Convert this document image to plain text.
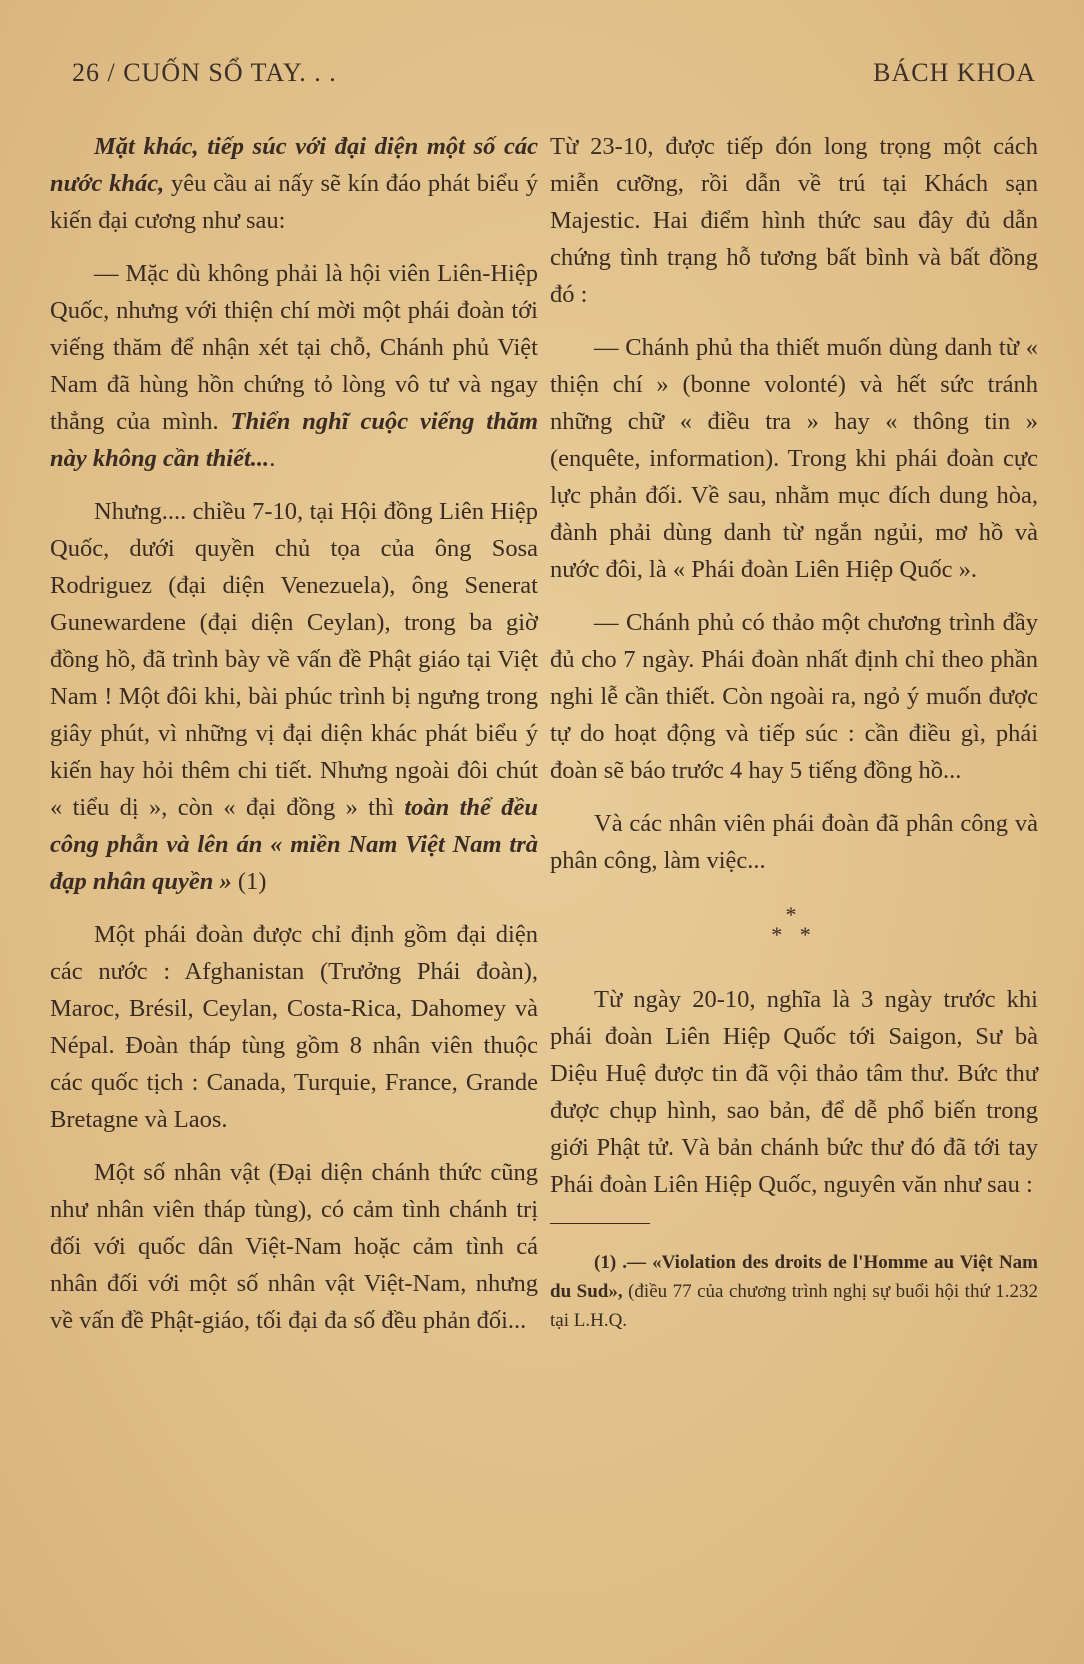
26 / CUỐN SỔ TAY. . .	BÁCH KHOA

Mặt khác, tiếp súc với đại diện một số các nước khác, yêu cầu ai nấy sẽ kín đáo phát biểu ý kiến đại cương như sau:

— Mặc dù không phải là hội viên Liên-Hiệp Quốc, nhưng với thiện chí mời một phái đoàn tới viếng thăm để nhận xét tại chỗ, Chánh phủ Việt Nam đã hùng hồn chứng tỏ lòng vô tư và ngay thẳng của mình. Thiển nghĩ cuộc viếng thăm này không cần thiết....

Nhưng.... chiều 7-10, tại Hội đồng Liên Hiệp Quốc, dưới quyền chủ tọa của ông Sosa Rodriguez (đại diện Venezuela), ông Senerat Gunewardene (đại diện Ceylan), trong ba giờ đồng hồ, đã trình bày về vấn đề Phật giáo tại Việt Nam ! Một đôi khi, bài phúc trình bị ngưng trong giây phút, vì những vị đại diện khác phát biểu ý kiến hay hỏi thêm chi tiết. Nhưng ngoài đôi chút « tiểu dị », còn « đại đồng » thì toàn thể đều công phẫn và lên án « miền Nam Việt Nam trà đạp nhân quyền » (1)

Một phái đoàn được chỉ định gồm đại diện các nước : Afghanistan (Trưởng Phái đoàn), Maroc, Brésil, Ceylan, Costa-Rica, Dahomey và Népal. Đoàn tháp tùng gồm 8 nhân viên thuộc các quốc tịch : Canada, Turquie, France, Grande Bretagne và Laos.

Một số nhân vật (Đại diện chánh thức cũng như nhân viên tháp tùng), có cảm tình chánh trị đối với quốc dân Việt-Nam hoặc cảm tình cá nhân đối với một số nhân vật Việt-Nam, nhưng về vấn đề Phật-giáo, tối đại đa số đều phản đối...

Từ 23-10, được tiếp đón long trọng một cách miễn cưỡng, rồi dẫn về trú tại Khách sạn Majestic. Hai điểm hình thức sau đây đủ dẫn chứng tình trạng hỗ tương bất bình và bất đồng đó :

— Chánh phủ tha thiết muốn dùng danh từ « thiện chí » (bonne volonté) và hết sức tránh những chữ « điều tra » hay « thông tin » (enquête, information). Trong khi phái đoàn cực lực phản đối. Về sau, nhằm mục đích dung hòa, đành phải dùng danh từ ngắn ngủi, mơ hồ và nước đôi, là « Phái đoàn Liên Hiệp Quốc ».

— Chánh phủ có thảo một chương trình đầy đủ cho 7 ngày. Phái đoàn nhất định chỉ theo phần nghi lễ cần thiết. Còn ngoài ra, ngỏ ý muốn được tự do hoạt động và tiếp súc : cần điều gì, phái đoàn sẽ báo trước 4 hay 5 tiếng đồng hồ...

Và các nhân viên phái đoàn đã phân công và phân công, làm việc...

*
* *

Từ ngày 20-10, nghĩa là 3 ngày trước khi phái đoàn Liên Hiệp Quốc tới Saigon, Sư bà Diệu Huệ được tin đã vội thảo tâm thư. Bức thư được chụp hình, sao bản, để dễ phổ biến trong giới Phật tử. Và bản chánh bức thư đó đã tới tay Phái đoàn Liên Hiệp Quốc, nguyên văn như sau :

(1) .— «Violation des droits de l'Homme au Việt Nam du Sud», (điều 77 của chương trình nghị sự buổi hội thứ 1.232 tại L.H.Q.
